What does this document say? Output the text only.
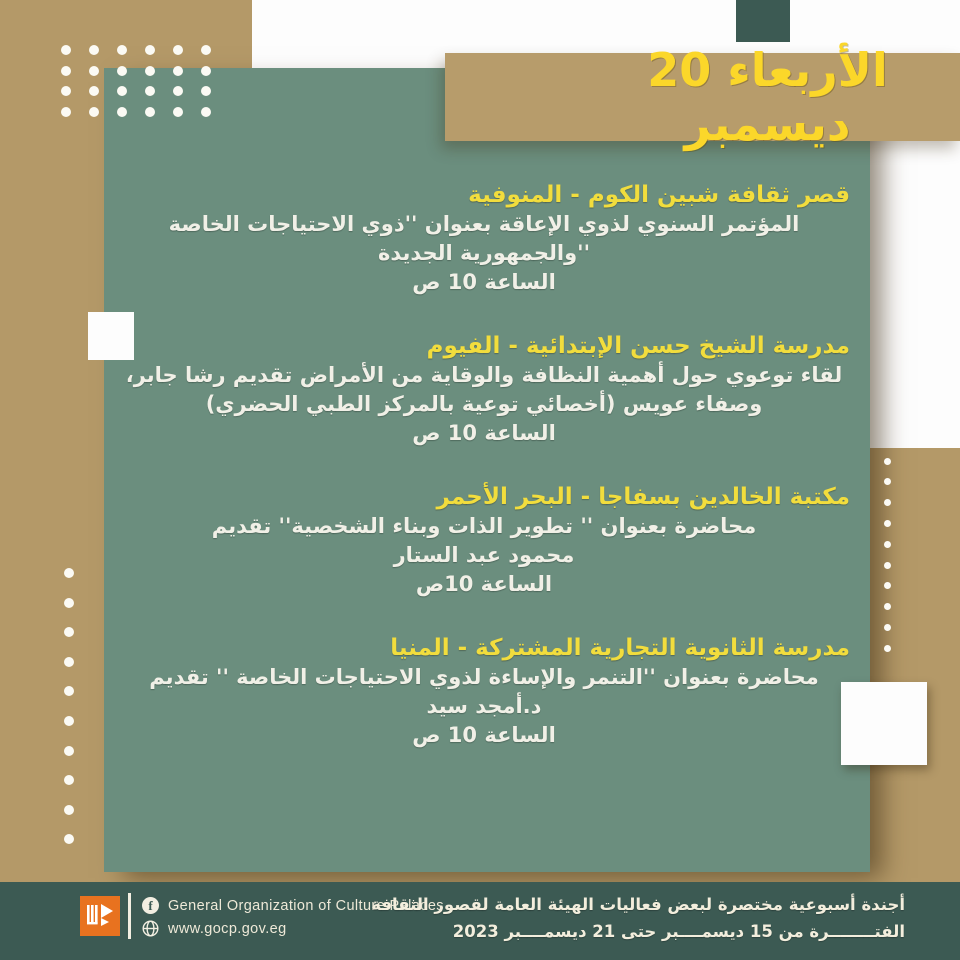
الأربعاء 20 ديسمبر
قصر ثقافة شبين الكوم - المنوفية
المؤتمر السنوي لذوي الإعاقة بعنوان ''ذوي الاحتياجات الخاصة
''والجمهورية الجديدة
الساعة 10 ص
مدرسة الشيخ حسن الإبتدائية - الفيوم
لقاء توعوي حول أهمية النظافة والوقاية من الأمراض تقديم رشا جابر،
وصفاء عويس (أخصائي توعية بالمركز الطبي الحضري)
الساعة 10 ص
مكتبة الخالدين بسفاجا - البحر الأحمر
محاضرة بعنوان '' تطوير الذات وبناء الشخصية'' تقديم
محمود عبد الستار
الساعة 10ص
مدرسة الثانوية التجارية المشتركة - المنيا
محاضرة بعنوان ''التنمر والإساءة لذوي الاحتياجات الخاصة '' تقديم
د.أمجد سيد
الساعة 10 ص
f	General Organization of Culture Palaces
www.gocp.gov.eg
أجندة أسبوعية مختصرة لبعض فعاليات الهيئة العامة لقصور الثقافة
الفتــــــــرة من 15 ديسمــــبر حتى 21 ديسمــــبر 2023
